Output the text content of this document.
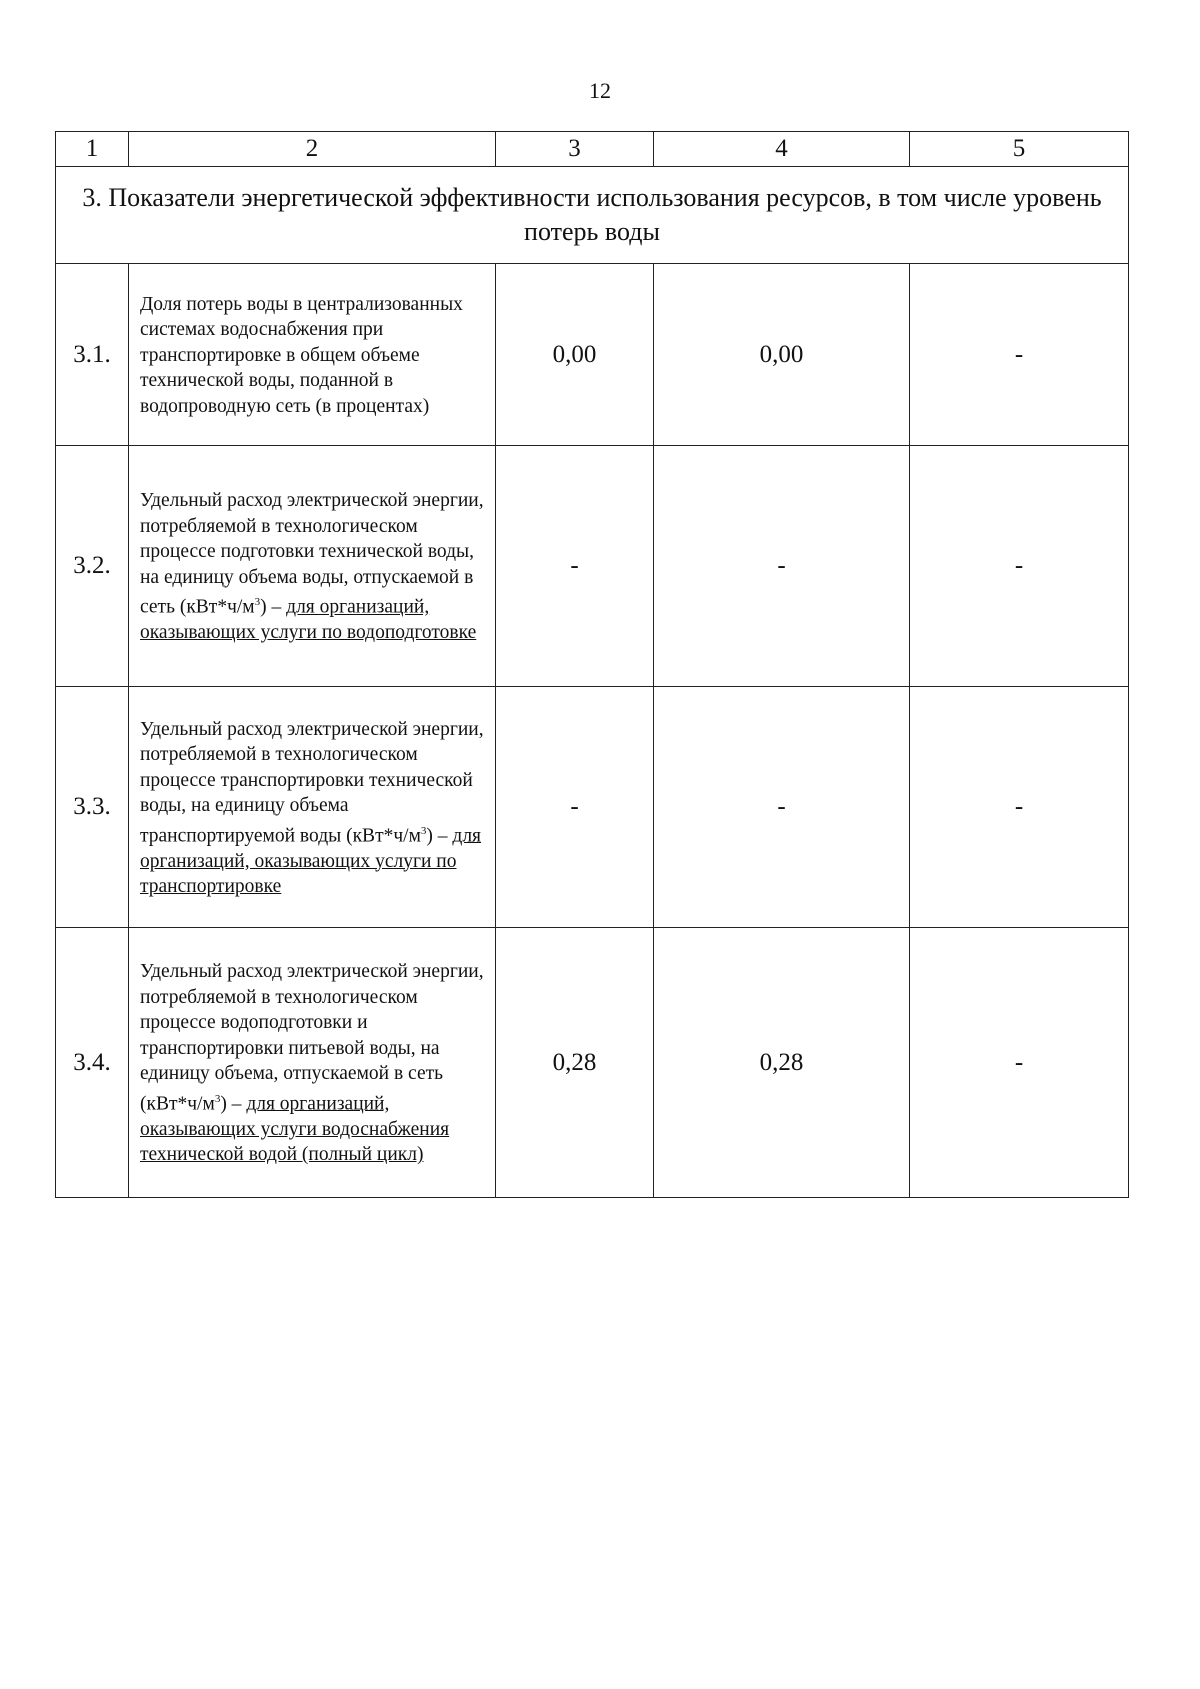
12
1	2	3	4	5
3. Показатели энергетической эффективности использования ресурсов, в том числе уровень потерь воды				
3.1.	Доля потерь воды в централизованных системах водоснабжения при транспортировке в общем объеме технической воды, поданной в водопроводную сеть (в процентах)	0,00	0,00	-
3.2.	Удельный расход электрической энергии, потребляемой в технологическом процессе подготовки технической воды, на единицу объема воды, отпускаемой в сеть $(кВт*ч/м^3)$ – для организаций, оказывающих услуги по водоподготовке	-	-	-
3.3.	Удельный расход электрической энергии, потребляемой в технологическом процессе транспортировки технической воды, на единицу объема транспортируемой воды $(кВт*ч/м^3)$ – для организаций, оказывающих услуги по транспортировке	-	-	-
3.4.	Удельный расход электрической энергии, потребляемой в технологическом процессе водоподготовки и транспортировки питьевой воды, на единицу объема, отпускаемой в сеть $(кВт*ч/м^3)$ – для организаций, оказывающих услуги водоснабжения технической водой (полный цикл)	0,28	0,28	-
